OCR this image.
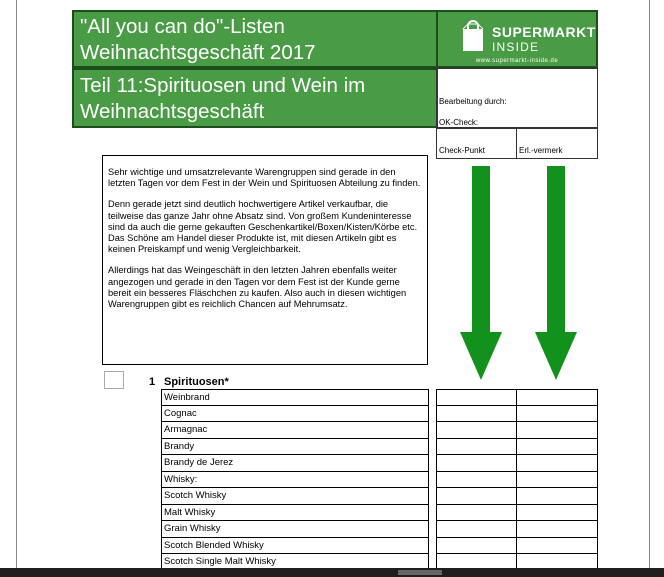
"All you can do"-Listen
Weihnachtsgeschäft 2017
SUPERMARKT
INSIDE
www.supermarkt-inside.de
Teil 11:Spirituosen und Wein im
Weihnachtsgeschäft	Bearbeitung durch:
OK-Check:
Check-Punkt	Erl.-vermerk

Sehr wichtige und umsatzrelevante Warengruppen sind gerade in den letzten Tagen vor dem Fest in der Wein und Spirituosen Abteilung zu finden.

Denn gerade jetzt sind deutlich hochwertigere Artikel verkaufbar, die teilweise das ganze Jahr ohne Absatz sind. Von großem Kundeninteresse sind da auch die gerne gekauften Geschenkartikel/Boxen/Kisten/Körbe etc. Das Schöne am Handel dieser Produkte ist, mit diesen Artikeln gibt es keinen Preiskampf und wenig Vergleichbarkeit.

Allerdings hat das Weingeschäft in den letzten Jahren ebenfalls weiter angezogen und gerade in den Tagen vor dem Fest ist der Kunde gerne bereit ein besseres Fläschchen zu kaufen. Also auch in diesen wichtigen Warengruppen gibt es reichlich Chancen auf Mehrumsatz.

1 Spirituosen*
Weinbrand
Cognac
Armagnac
Brandy
Brandy de Jerez
Whisky:
Scotch Whisky
Malt Whisky
Grain Whisky
Scotch Blended Whisky
Scotch Single Malt Whisky
